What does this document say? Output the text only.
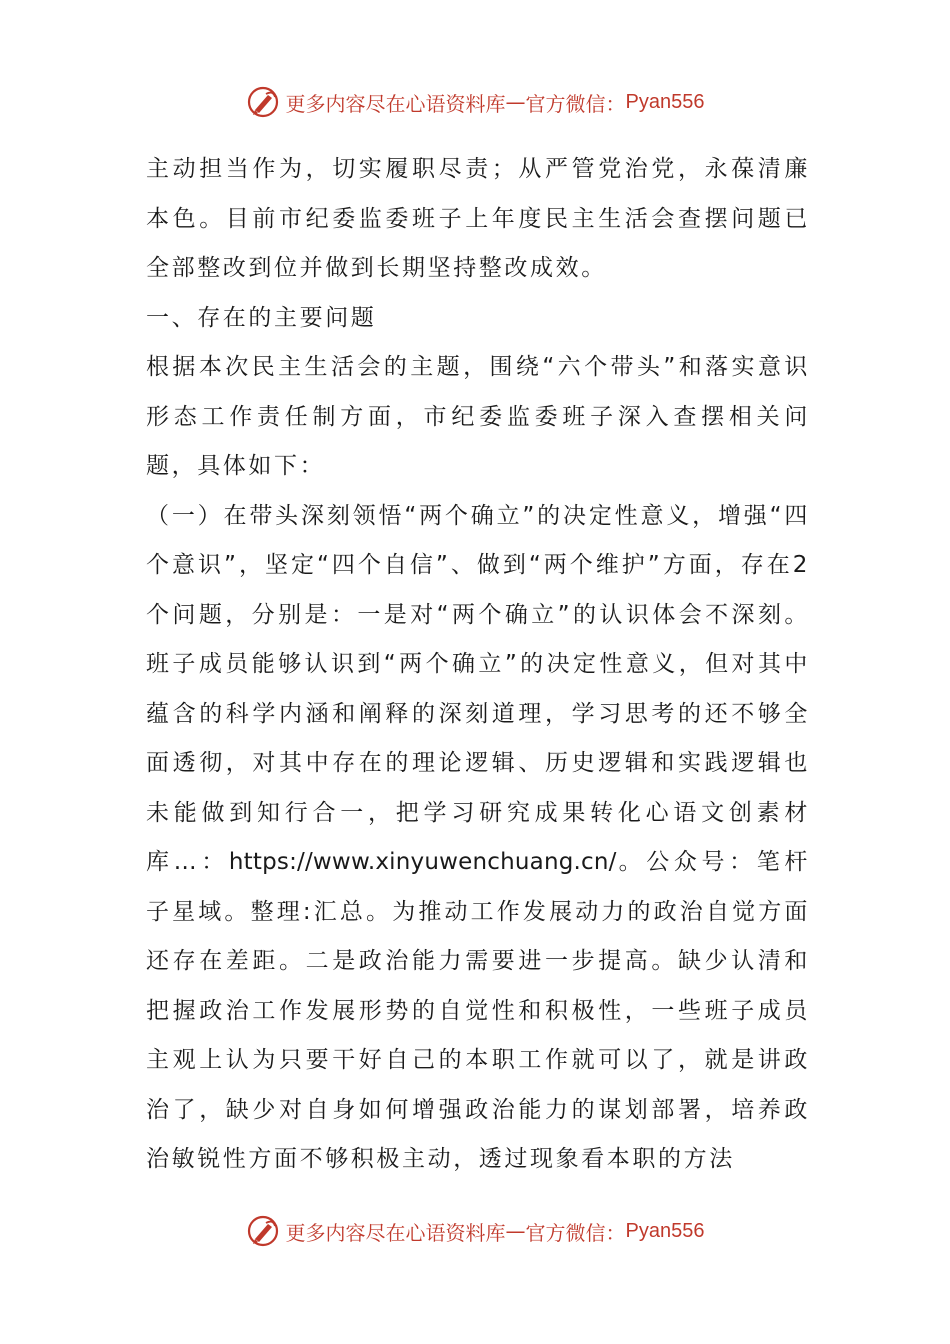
更多内容尽在心语资料库 — 官方微信： Pyan556

主动担当作为，切实履职尽责；从严管党治党，永葆清廉本色。目前市纪委监委班子上年度民主生活会查摆问题已全部整改到位并做到长期坚持整改成效。

一、存在的主要问题

根据本次民主生活会的主题，围绕“六个带头”和落实意识形态工作责任制方面，市纪委监委班子深入查摆相关问题，具体如下：

（一）在带头深刻领悟“两个确立”的决定性意义，增强“四个意识”，坚定“四个自信”、做到“两个维护”方面，存在2个问题，分别是：一是对“两个确立”的认识体会不深刻。班子成员能够认识到“两个确立”的决定性意义，但对其中蕴含的科学内涵和阐释的深刻道理，学习思考的还不够全面透彻，对其中存在的理论逻辑、历史逻辑和实践逻辑也未能做到知行合一，把学习研究成果转化心语文创素材库…：https://www.xinyuwenchuang.cn/。公众号：笔杆子星域。整理:汇总。为推动工作发展动力的政治自觉方面还存在差距。二是政治能力需要进一步提高。缺少认清和把握政治工作发展形势的自觉性和积极性，一些班子成员主观上认为只要干好自己的本职工作就可以了，就是讲政治了，缺少对自身如何增强政治能力的谋划部署，培养政治敏锐性方面不够积极主动，透过现象看本职的方法

更多内容尽在心语资料库 — 官方微信： Pyan556
